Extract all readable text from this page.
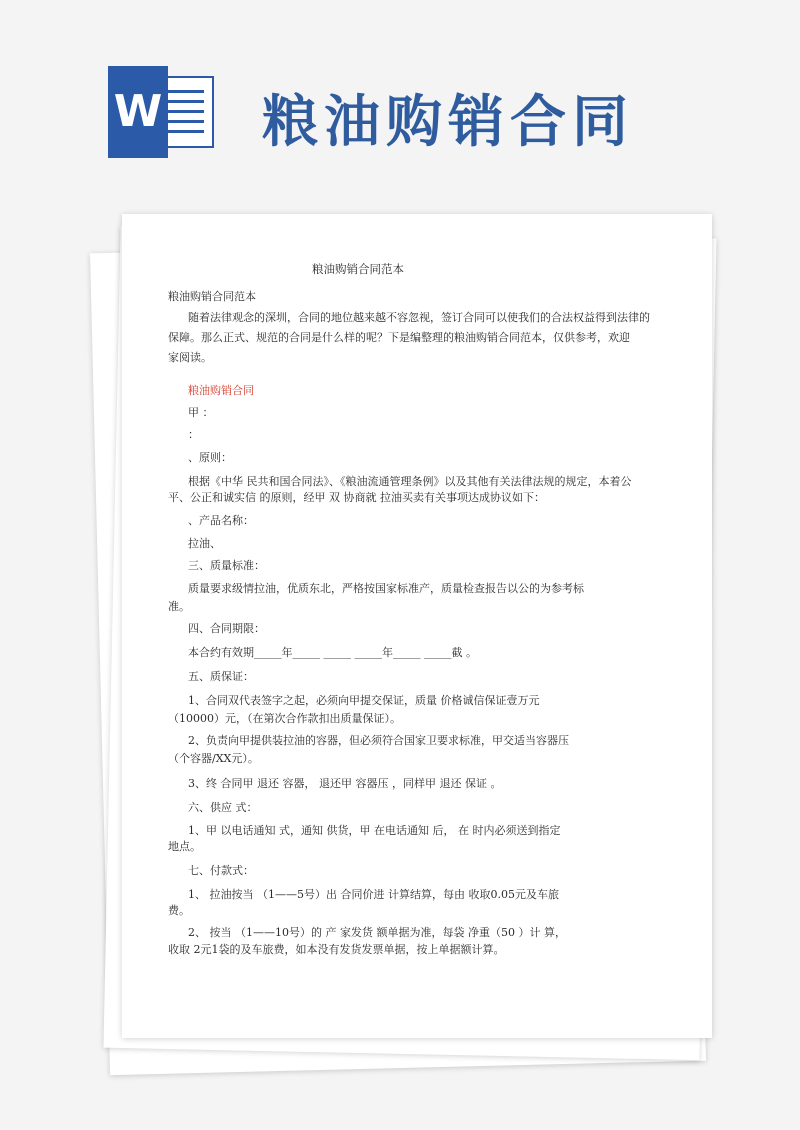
W 粮油购销合同
粮油购销合同范本
粮油购销合同范本
随着法律观念的深圳，合同的地位越来越不容忽视，签订合同可以使我们的合法权益得到法律的
保障。那么正式、规范的合同是什么样的呢？下是编整理的粮油购销合同范本，仅供参考，欢迎
家阅读。
粮油购销合同
甲 ：
：
、原则：
根据《中华 民共和国合同法》、《粮油流通管理条例》以及其他有关法律法规的规定，本着公
平、公正和诚实信 的原则，经甲 双 协商就 拉油买卖有关事项达成协议如下：
、产品名称：
拉油、
三、质量标准：
质量要求级情拉油，优质东北，严格按国家标准产，质量检查报告以公的为参考标
准。
四、合同期限：
本合约有效期_____年_____ _____ _____年_____ _____截 。
五、质保证：
1、合同双代表签字之起，必须向甲提交保证，质量 价格诚信保证壹万元
（10000）元，（在第次合作款扣出质量保证）。
2、负责向甲提供装拉油的容器，但必须符合国家卫要求标准，甲交适当容器压
（个容器/XX元）。
3、终 合同甲 退还 容器， 退还甲 容器压 ，同样甲 退还 保证 。
六、供应 式：
1、甲 以电话通知 式，通知 供货，甲 在电话通知 后， 在 时内必须送到指定
地点。
七、付款式：
1、 拉油按当 （1——5号）出 合同价进 计算结算，每由 收取0.05元及车旅
费。
2、 按当 （1——10号）的 产 家发货 额单据为准，每袋 净重（50 ）计 算，
收取 2元1袋的及车旅费，如本没有发货发票单据，按上单据额计算。
